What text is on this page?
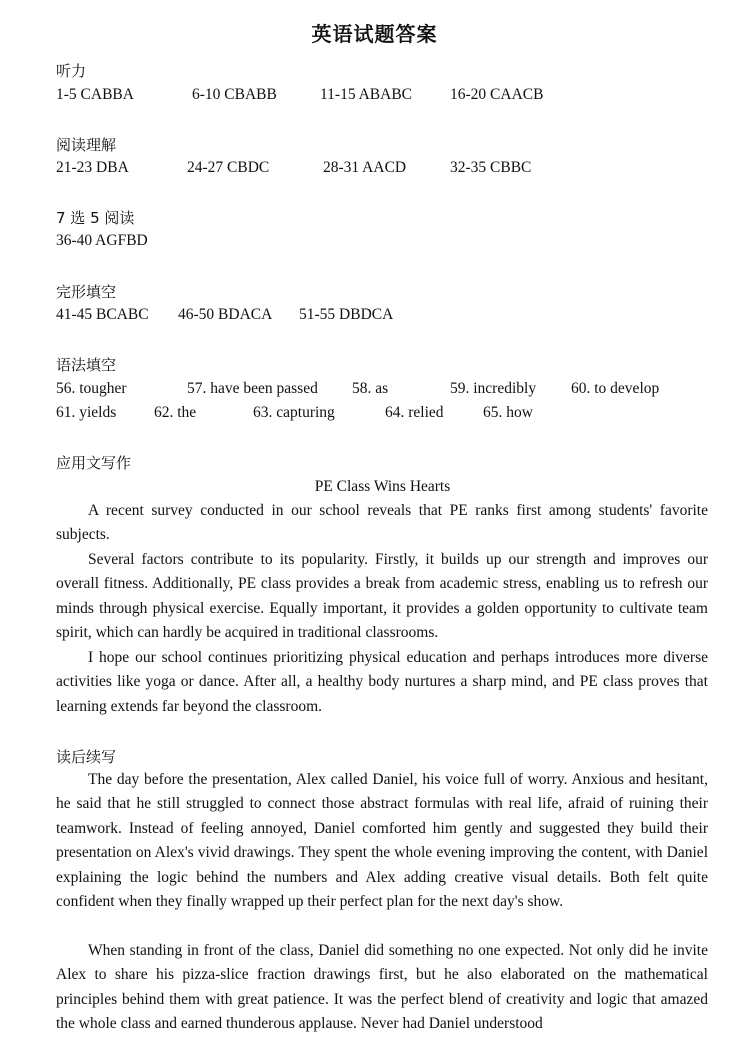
英语试题答案
听力
1-5 CABBA	6-10 CBABB	11-15 ABABC 16-20 CAACB
阅读理解
21-23 DBA	24-27 CBDC	28-31 AACD	32-35 CBBC
7 选 5 阅读
36-40 AGFBD
完形填空
41-45 BCABC 46-50 BDACA 51-55 DBDCA
语法填空
56. tougher	57. have been passed 58. as	59. incredibly 60. to develop
61. yields 62. the	63. capturing	64. relied	65. how
应用文写作
PE Class Wins Hearts

A recent survey conducted in our school reveals that PE ranks first among students' favorite subjects.

Several factors contribute to its popularity. Firstly, it builds up our strength and improves our overall fitness. Additionally, PE class provides a break from academic stress, enabling us to refresh our minds through physical exercise. Equally important, it provides a golden opportunity to cultivate team spirit, which can hardly be acquired in traditional classrooms.

I hope our school continues prioritizing physical education and perhaps introduces more diverse activities like yoga or dance. After all, a healthy body nurtures a sharp mind, and PE class proves that learning extends far beyond the classroom.

读后续写

The day before the presentation, Alex called Daniel, his voice full of worry. Anxious and hesitant, he said that he still struggled to connect those abstract formulas with real life, afraid of ruining their teamwork. Instead of feeling annoyed, Daniel comforted him gently and suggested they build their presentation on Alex's vivid drawings. They spent the whole evening improving the content, with Daniel explaining the logic behind the numbers and Alex adding creative visual details. Both felt quite confident when they finally wrapped up their perfect plan for the next day's show.

When standing in front of the class, Daniel did something no one expected. Not only did he invite Alex to share his pizza-slice fraction drawings first, but he also elaborated on the mathematical principles behind them with great patience. It was the perfect blend of creativity and logic that amazed the whole class and earned thunderous applause. Never had Daniel understood
